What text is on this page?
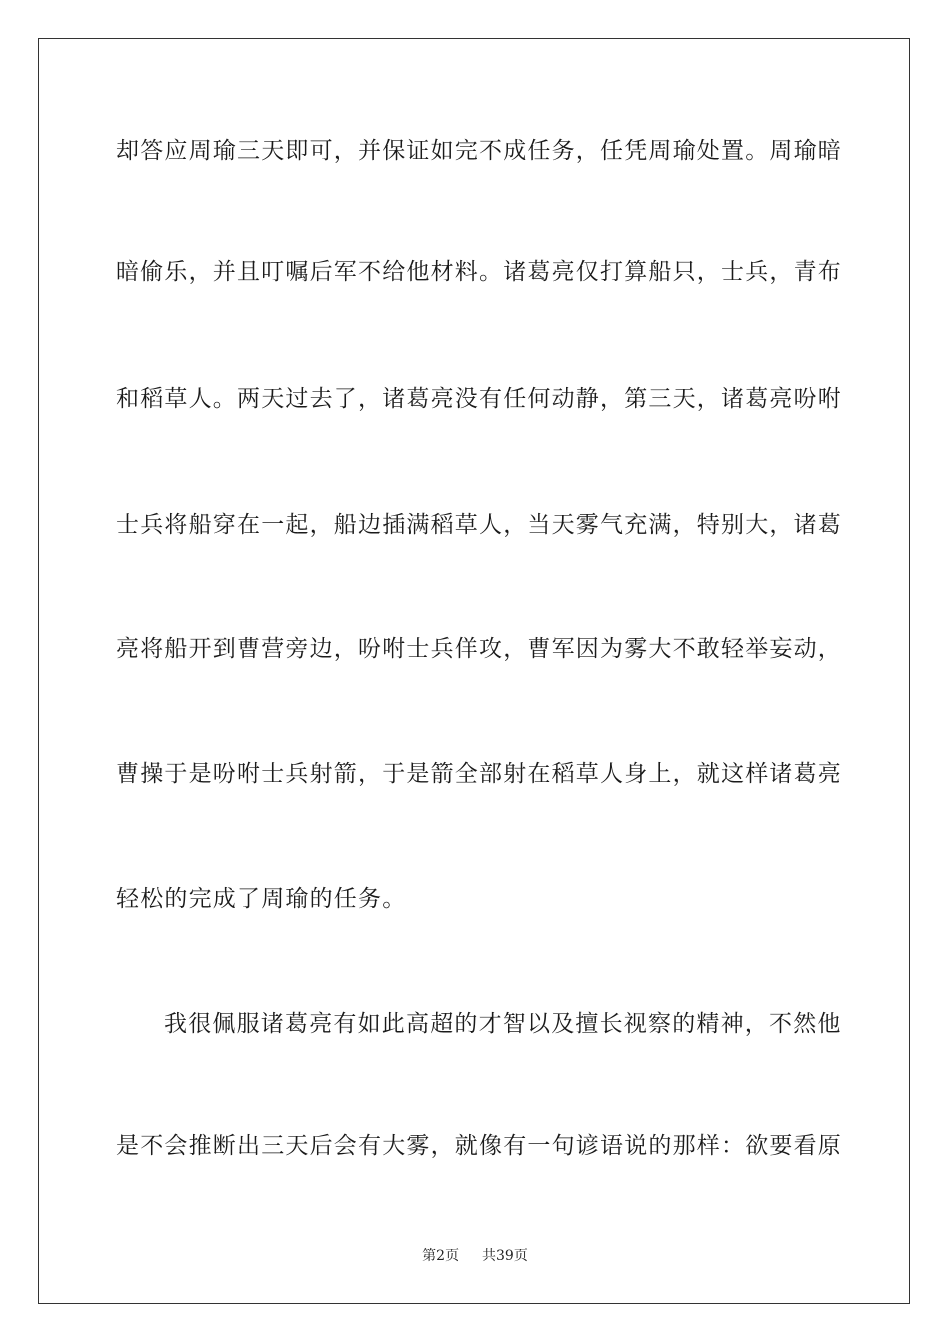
却答应周瑜三天即可，并保证如完不成任务，任凭周瑜处置。周瑜暗
暗偷乐，并且叮嘱后军不给他材料。诸葛亮仅打算船只，士兵，青布
和稻草人。两天过去了，诸葛亮没有任何动静，第三天，诸葛亮吩咐
士兵将船穿在一起，船边插满稻草人，当天雾气充满，特别大，诸葛
亮将船开到曹营旁边，吩咐士兵佯攻，曹军因为雾大不敢轻举妄动，
曹操于是吩咐士兵射箭，于是箭全部射在稻草人身上，就这样诸葛亮
轻松的完成了周瑜的任务。
我很佩服诸葛亮有如此高超的才智以及擅长视察的精神，不然他
是不会推断出三天后会有大雾，就像有一句谚语说的那样：欲要看原
第2页 共39页
